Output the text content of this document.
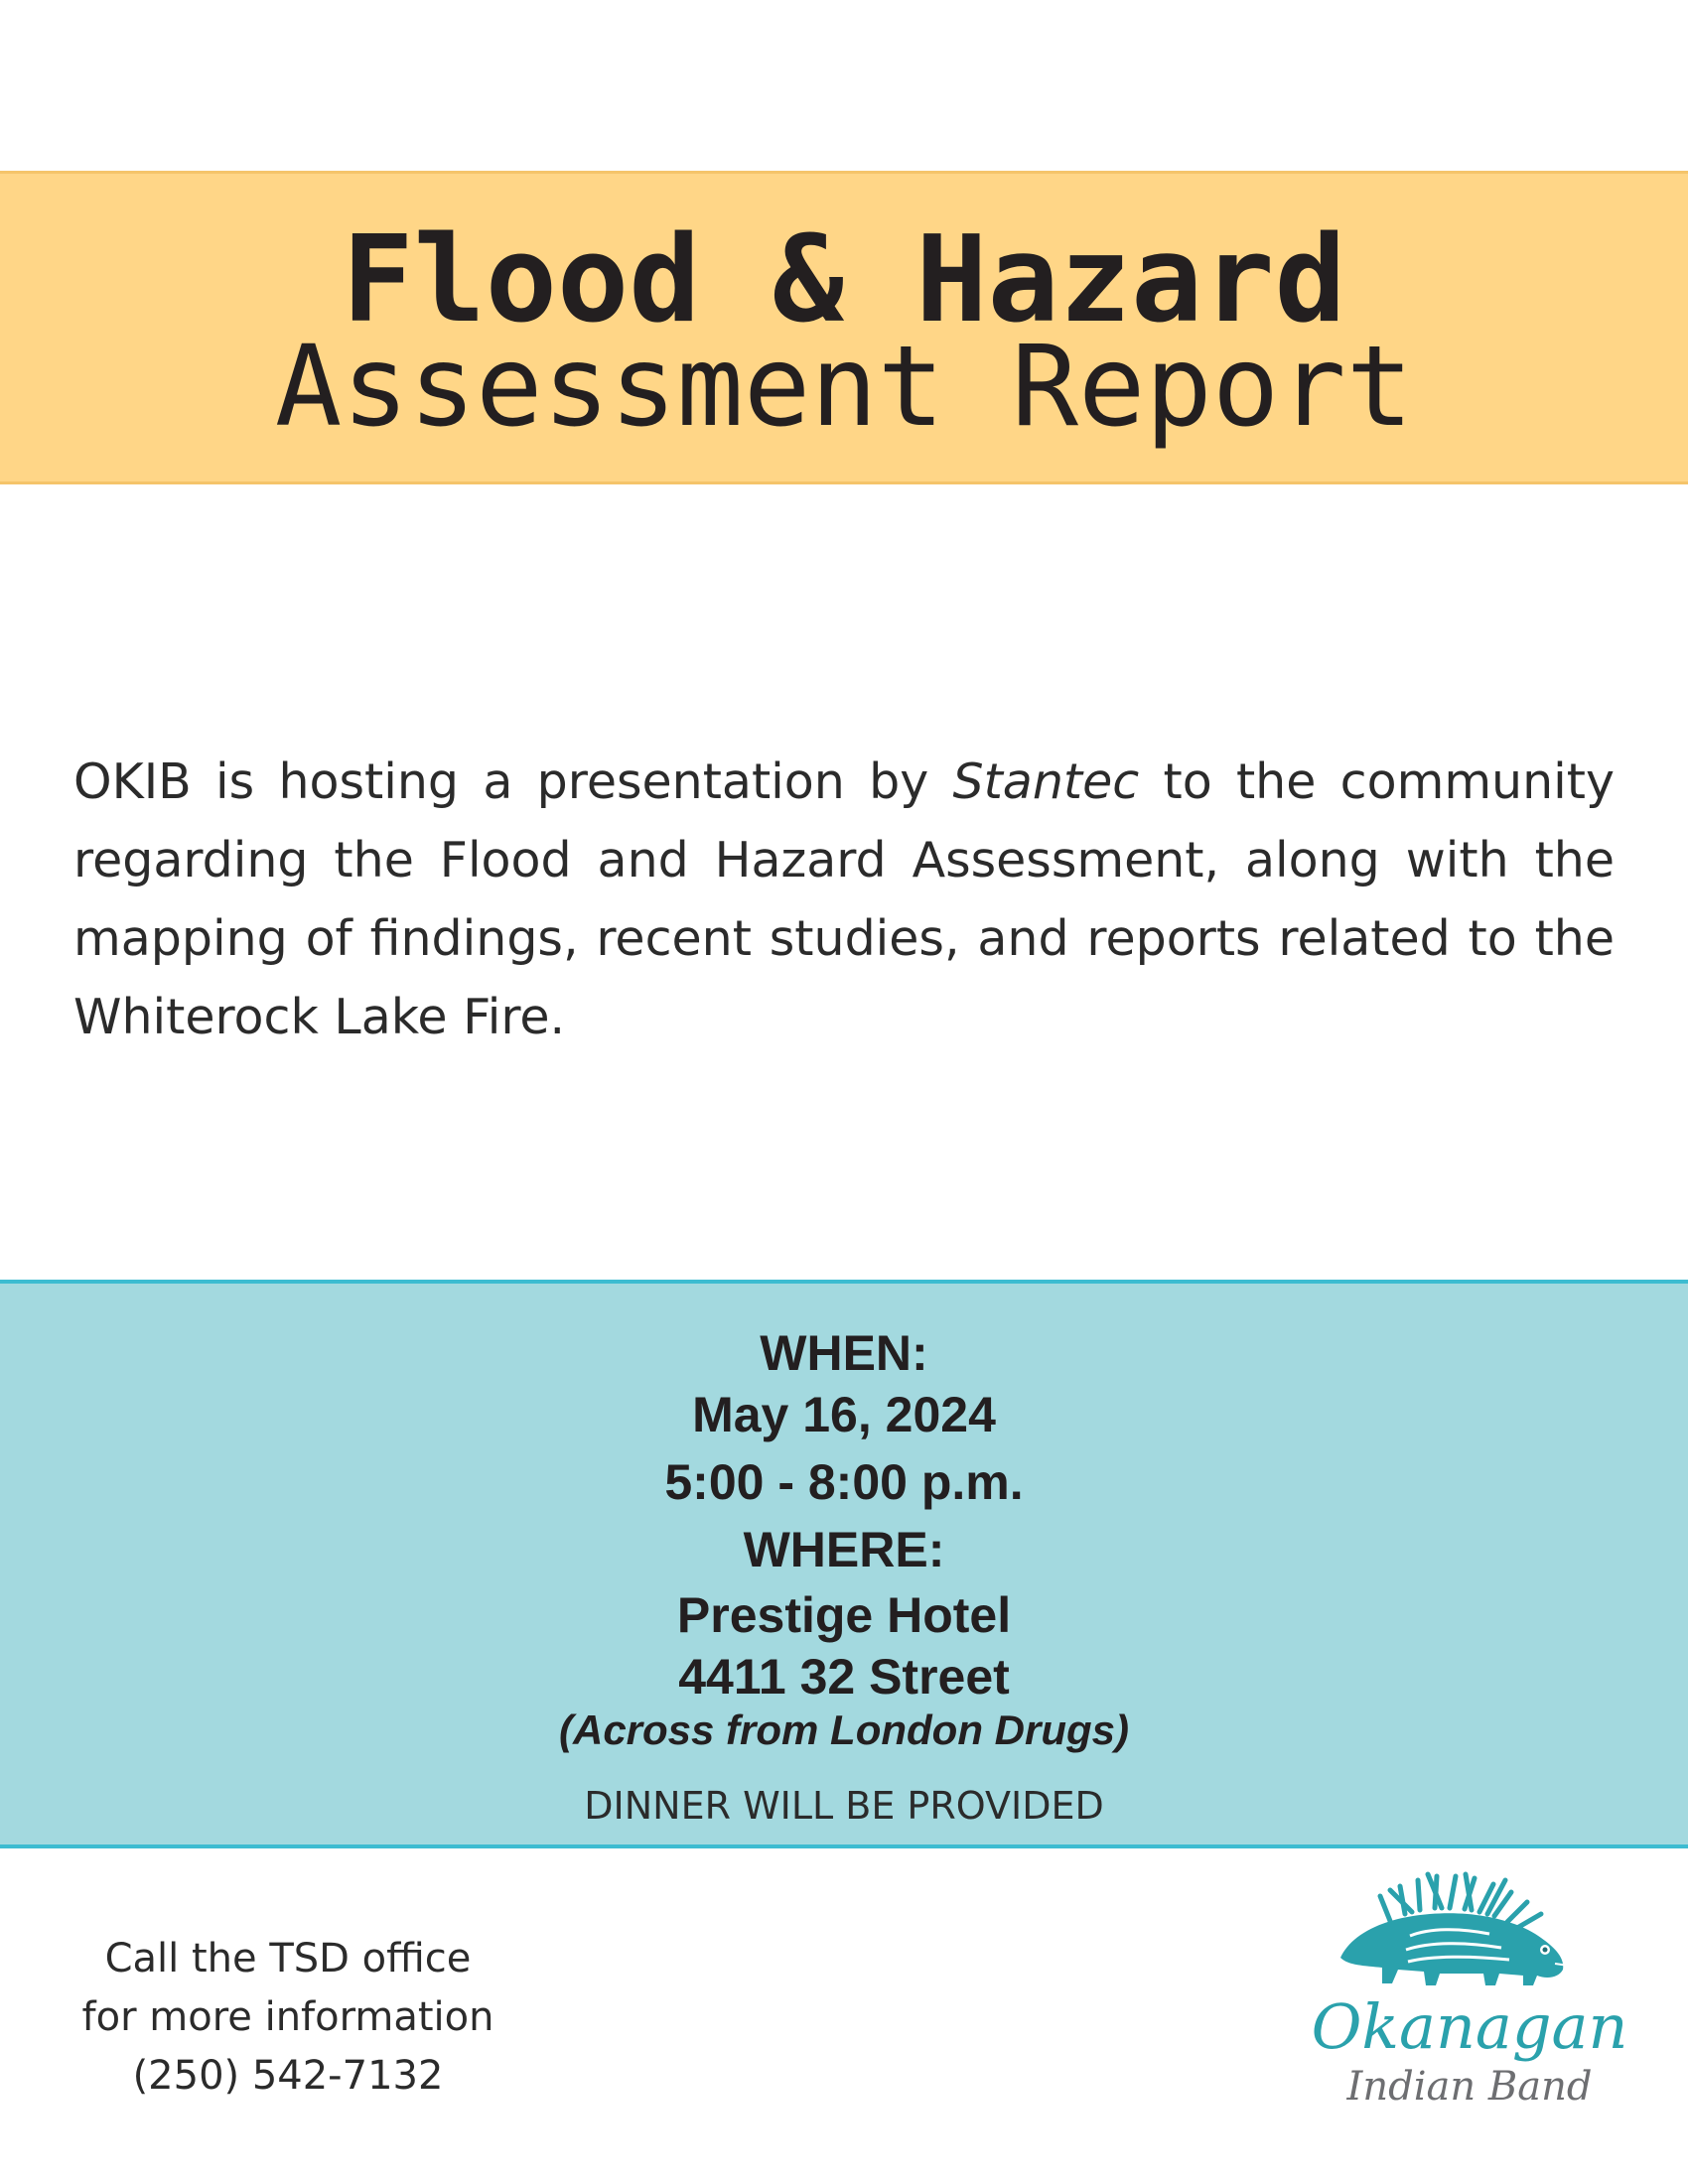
Flood & Hazard
Assessment Report
OKIB is hosting a presentation by Stantec to the community regarding the Flood and Hazard Assessment, along with the mapping of findings, recent studies, and reports related to the Whiterock Lake Fire.
WHEN:
May 16, 2024
5:00 - 8:00 p.m.
WHERE:
Prestige Hotel
4411 32 Street
(Across from London Drugs)
DINNER WILL BE PROVIDED
Call the TSD office
for more information
(250) 542-7132
Okanagan
Indian Band
